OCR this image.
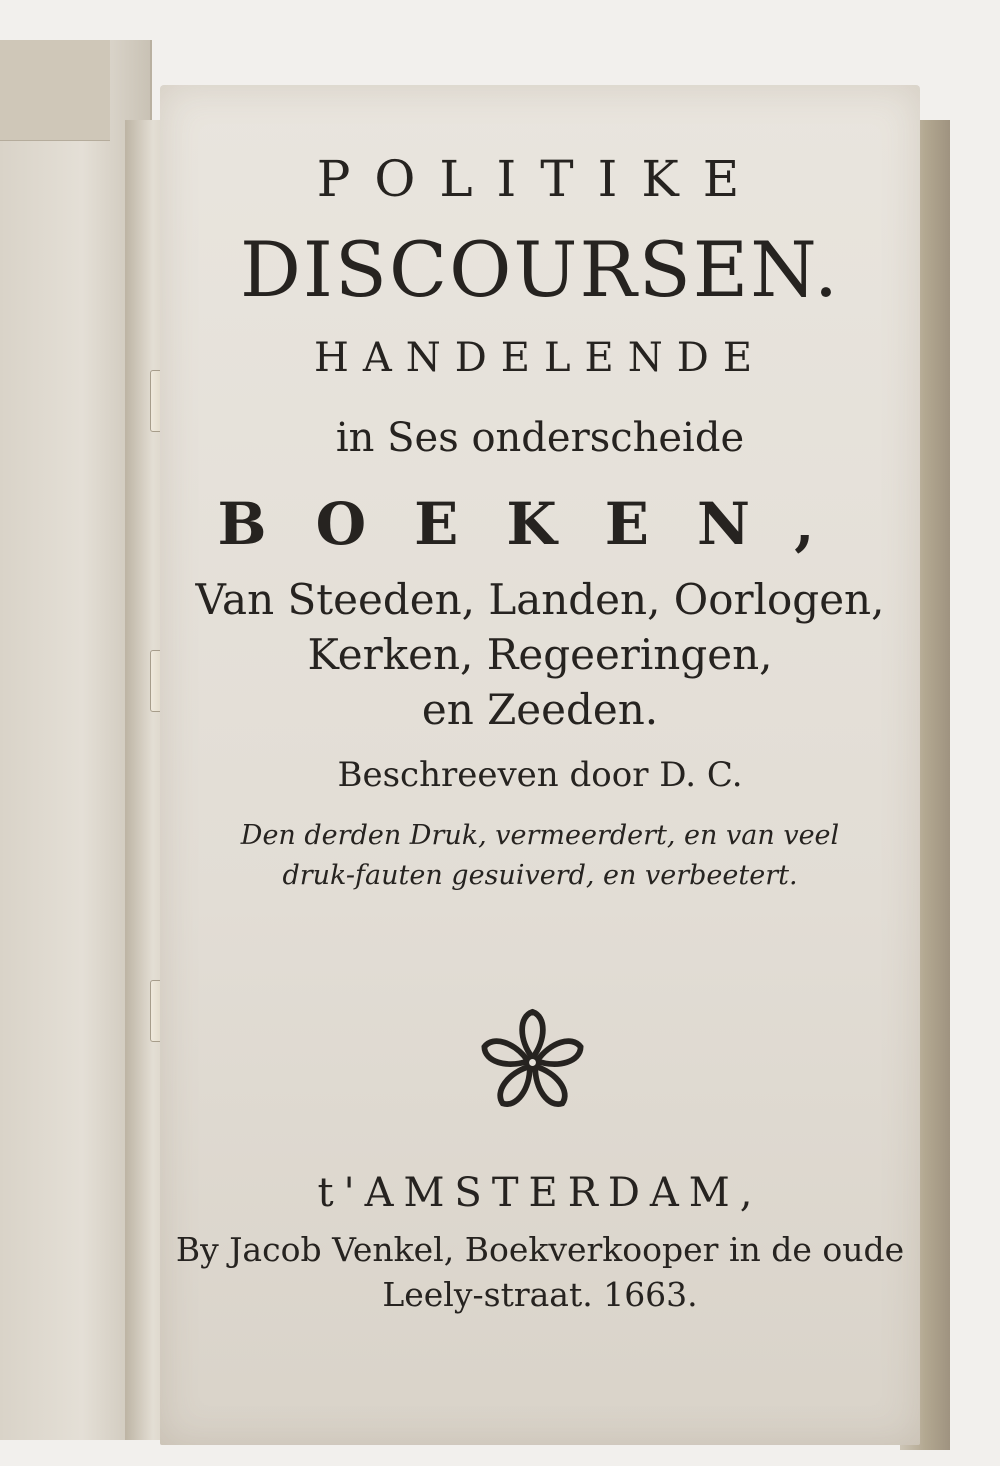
POLITIKE
DISCOURSEN.
HANDELENDE
in Ses onderscheide
BOEKEN,
Van Steeden, Landen, Oorlogen,
Kerken, Regeeringen,
en Zeeden.
Beschreeven door D. C.
Den derden Druk, vermeerdert, en van veel
druk-fauten gesuiverd, en verbeetert.
t'AMSTERDAM,
By Jacob Venkel, Boekverkooper in de oude
Leely-straat. 1663.
